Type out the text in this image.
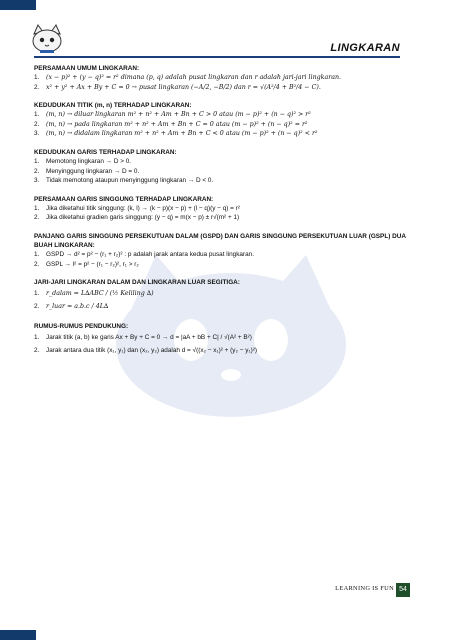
LINGKARAN
PERSAMAAN UMUM LINGKARAN:
1.	(x − p)² + (y − q)² = r² dimana (p, q) adalah pusat lingkaran dan r adalah jari-jari lingkaran.
2.	x² + y² + Ax + By + C = 0 → pusat lingkaran (−A/2, −B/2) dan r = √(A²/4 + B²/4 − C).
KEDUDUKAN TITIK (m, n) TERHADAP LINGKARAN:
1.	(m, n) → diluar lingkaran m² + n² + Am + Bn + C > 0 atau (m − p)² + (n − q)² > r²
2.	(m, n) → pada lingkaran m² + n² + Am + Bn + C = 0 atau (m − p)² + (n − q)² = r²
3.	(m, n) → didalam lingkaran m² + n² + Am + Bn + C < 0 atau (m − p)² + (n − q)² < r²
KEDUDUKAN GARIS TERHADAP LINGKARAN:
1.	Memotong lingkaran → D > 0.
2.	Menyinggung lingkaran → D = 0.
3.	Tidak memotong ataupun menyinggung lingkaran → D < 0.
PERSAMAAN GARIS SINGGUNG TERHADAP LINGKARAN:
1.	Jika diketahui titik singgung: (k, l) → (k − p)(x − p) + (l − q)(y − q) = r²
2.	Jika diketahui gradien garis singgung: (y − q) = m(x − p) ± r√(m² + 1)
PANJANG GARIS SINGGUNG PERSEKUTUAN DALAM (GSPD) DAN GARIS SINGGUNG PERSEKUTUAN LUAR (GSPL) DUA BUAH LINGKARAN:
1.	GSPD → d² = p² − (r₁ + r₂)² : p adalah jarak antara kedua pusat lingkaran.
2.	GSPL → l² = p² − (r₁ − r₂)², r₁ > r₂
JARI-JARI LINGKARAN DALAM DAN LINGKARAN LUAR SEGITIGA:
1.	r_dalam = L∆ABC / (½ Keliling ∆)
2.	r_luar = a.b.c / 4L∆
RUMUS-RUMUS PENDUKUNG:
1.	Jarak titik (a, b) ke garis Ax + By + C = 0 → d = |aA + bB + C| / √(A² + B²)
2.	Jarak antara dua titik (x₁, y₁) dan (x₂, y₂) adalah d = √((x₂ − x₁)² + (y₂ − y₁)²)
LEARNING IS FUN 54
